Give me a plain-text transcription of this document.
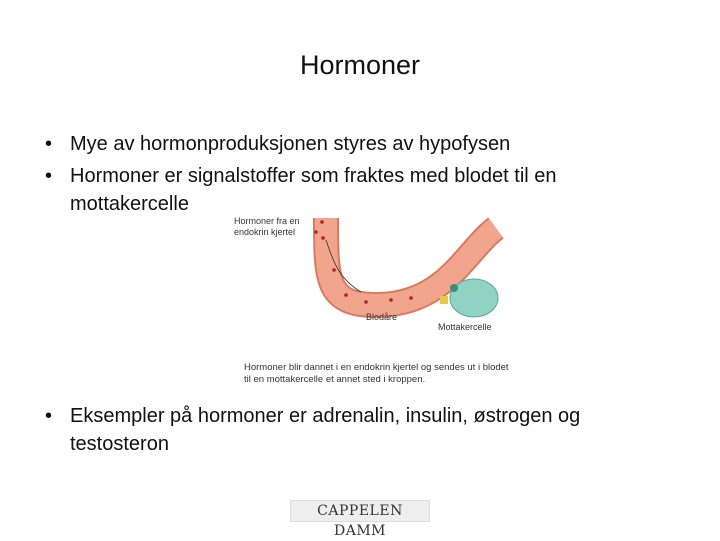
Hormoner
• Mye av hormonproduksjonen styres av hypofysen
• Hormoner er signalstoffer som fraktes med blodet til en mottakercelle
Hormoner fra en
endokrin kjertel
Blodåre
Mottakercelle
Hormoner blir dannet i en endokrin kjertel og sendes ut i blodet
til en mottakercelle et annet sted i kroppen.
• Eksempler på hormoner er adrenalin, insulin, østrogen og testosteron
CAPPELEN DAMM
